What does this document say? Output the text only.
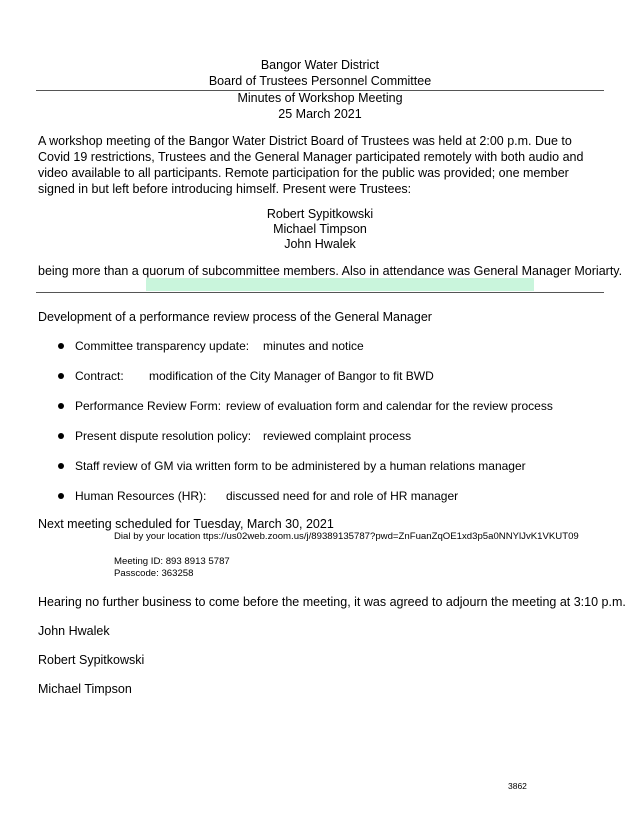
Bangor Water District
Board of Trustees Personnel Committee
Minutes of Workshop Meeting
25 March 2021
A workshop meeting of the Bangor Water District Board of Trustees was held at 2:00 p.m. Due to Covid 19 restrictions, Trustees and the General Manager participated remotely with both audio and video available to all participants. Remote participation for the public was provided; one member signed in but left before introducing himself. Present were Trustees:
Robert Sypitkowski
Michael Timpson
John Hwalek
being more than a quorum of subcommittee members. Also in attendance was General Manager Moriarty.
Development of a performance review process of the General Manager
Committee transparency update: minutes and notice
Contract: modification of the City Manager of Bangor to fit BWD
Performance Review Form: review of evaluation form and calendar for the review process
Present dispute resolution policy: reviewed complaint process
Staff review of GM via written form to be administered by a human relations manager
Human Resources (HR): discussed need for and role of HR manager
Next meeting scheduled for Tuesday, March 30, 2021
Dial by your location ttps://us02web.zoom.us/j/89389135787?pwd=ZnFuanZqOE1xd3p5a0NNYlJvK1VKUT09
Meeting ID: 893 8913 5787
Passcode: 363258
Hearing no further business to come before the meeting, it was agreed to adjourn the meeting at 3:10 p.m.
John Hwalek
Robert Sypitkowski
Michael Timpson
3862
